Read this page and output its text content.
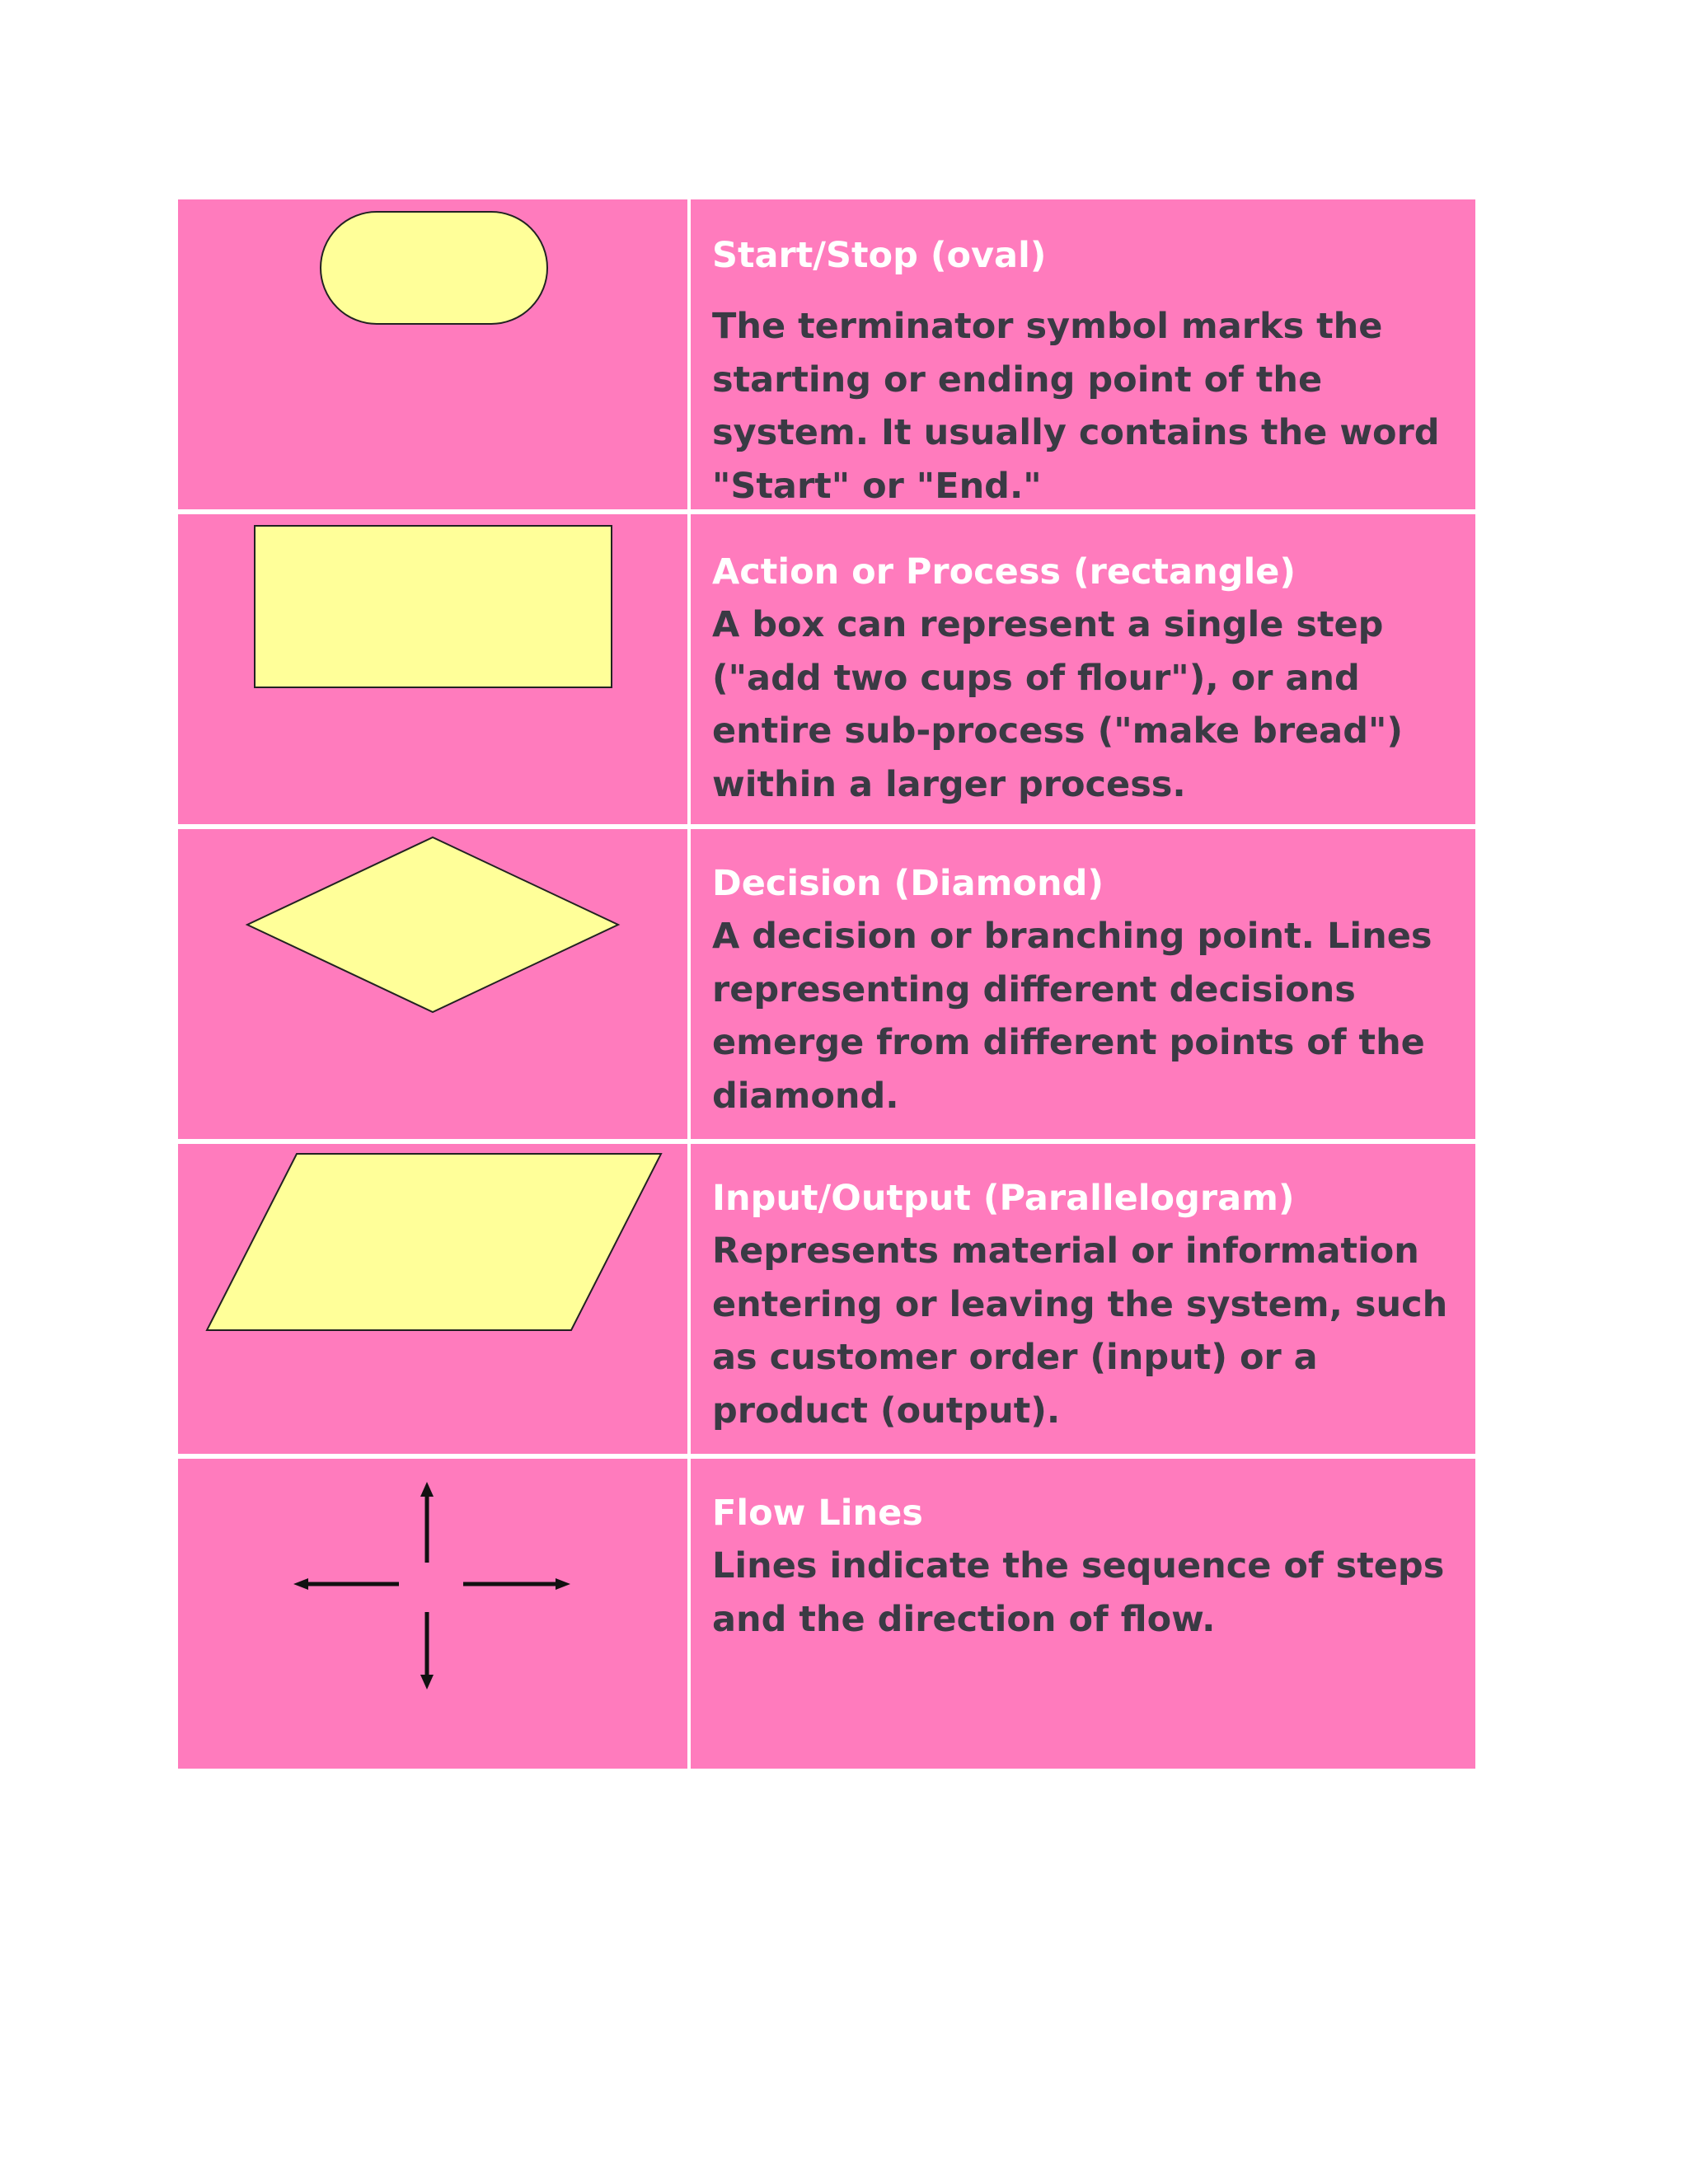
Start/Stop (oval)
The terminator symbol marks the starting or ending point of the system. It usually contains the word "Start" or "End."
Action or Process (rectangle)
A box can represent a single step ("add two cups of flour"), or and entire sub-process ("make bread") within a larger process.
Decision (Diamond)
A decision or branching point. Lines representing different decisions emerge from different points of the diamond.
Input/Output (Parallelogram)
Represents material or information entering or leaving the system, such as customer order (input) or a product (output).
Flow Lines
Lines indicate the sequence of steps and the direction of flow.
